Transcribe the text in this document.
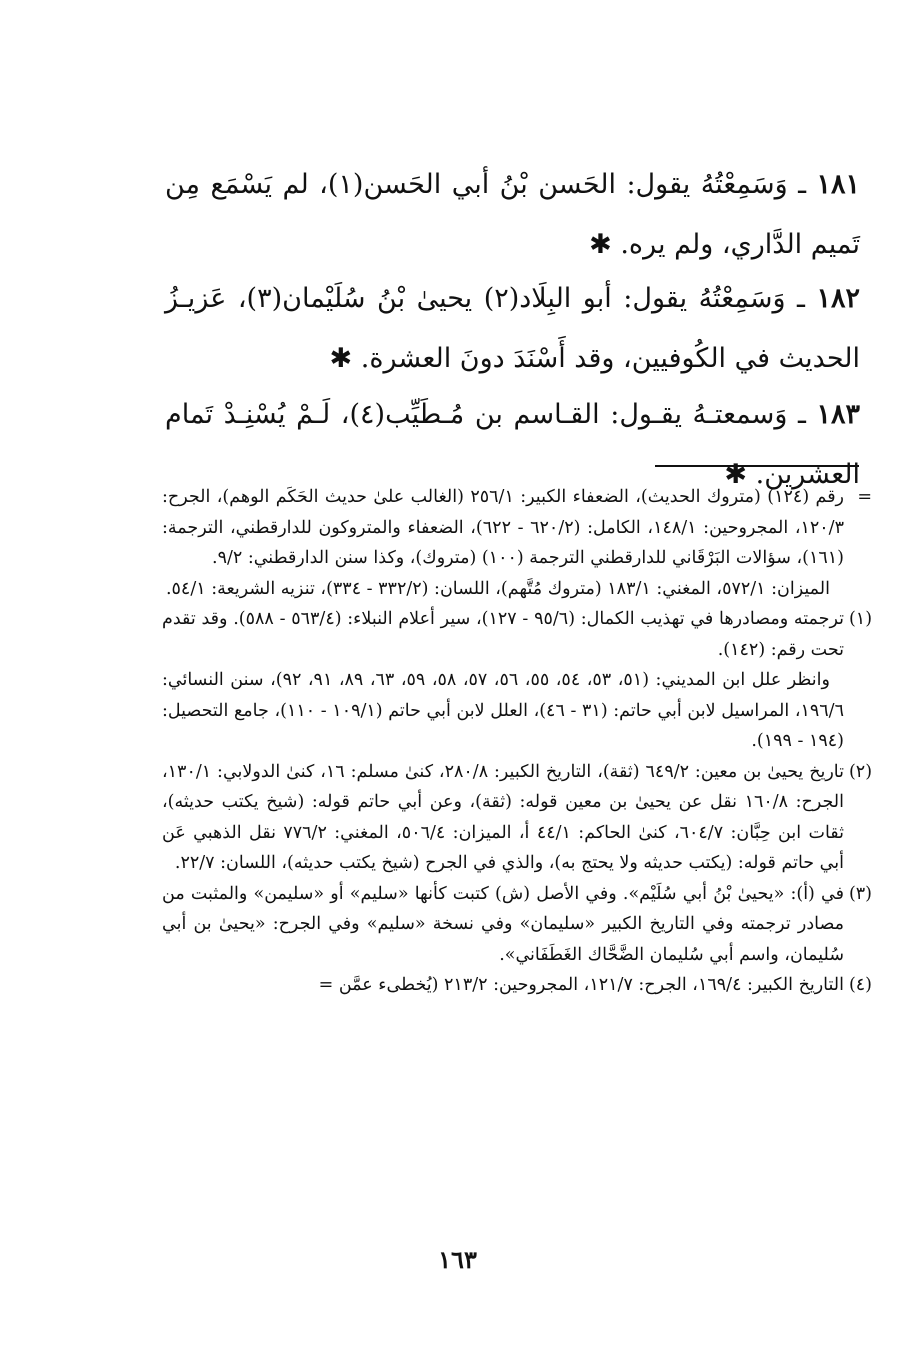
١٨١ ـ وَسَمِعْتُهُ يقول: الحَسن بْنُ أبي الحَسن(١)، لم يَسْمَع مِن تَميم الدَّاري، ولم يره. ✱

١٨٢ ـ وَسَمِعْتُهُ يقول: أبو البِلَاد(٢) يحيىٰ بْنُ سُلَيْمان(٣)، عَزيـزُ الحديث في الكُوفيين، وقد أَسْنَدَ دونَ العشرة. ✱

١٨٣ ـ وَسمعتـهُ يقـول: القـاسم بن مُـطَيِّب(٤)، لَـمْ يُسْنِـدْ تَمام العشرين. ✱

=رقم (١٢٤) (متروك الحديث)، الضعفاء الكبير: ٢٥٦/١ (الغالب علىٰ حديث الحَكَم الوهم)، الجرح: ١٢٠/٣، المجروحين: ١٤٨/١، الكامل: (٦٢٠/٢ - ٦٢٢)، الضعفاء والمتروكون للدارقطني، الترجمة: (١٦١)، سؤالات البَرْقَاني للدارقطني الترجمة (١٠٠) (متروك)، وكذا سنن الدارقطني: ٩/٢.

الميزان: ٥٧٢/١، المغني: ١٨٣/١ (متروك مُتَّهم)، اللسان: (٣٣٢/٢ - ٣٣٤)، تنزيه الشريعة: ٥٤/١.

(١)ترجمته ومصادرها في تهذيب الكمال: (٩٥/٦ - ١٢٧)، سير أعلام النبلاء: (٥٦٣/٤ - ٥٨٨). وقد تقدم تحت رقم: (١٤٢).

وانظر علل ابن المديني: (٥١، ٥٣، ٥٤، ٥٥، ٥٦، ٥٧، ٥٨، ٥٩، ٦٣، ٨٩، ٩١، ٩٢)، سنن النسائي: ١٩٦/٦، المراسيل لابن أبي حاتم: (٣١ - ٤٦)، العلل لابن أبي حاتم (١٠٩/١ - ١١٠)، جامع التحصيل: (١٩٤ - ١٩٩).

(٢)تاريخ يحيىٰ بن معين: ٦٤٩/٢ (ثقة)، التاريخ الكبير: ٢٨٠/٨، كنىٰ مسلم: ١٦، كنىٰ الدولابي: ١٣٠/١، الجرح: ١٦٠/٨ نقل عن يحيىٰ بن معين قوله: (ثقة)، وعن أبي حاتم قوله: (شيخ يكتب حديثه)، ثقات ابن حِبَّان: ٦٠٤/٧، كنىٰ الحاكم: ٤٤/١ أ، الميزان: ٥٠٦/٤، المغني: ٧٧٦/٢ نقل الذهبي عَن أبي حاتم قوله: (يكتب حديثه ولا يحتج به)، والذي في الجرح (شيخ يكتب حديثه)، اللسان: ٢٢/٧.

(٣)في (أ): «يحيىٰ بْنُ أبي سُلَيْم». وفي الأصل (ش) كتبت كأنها «سليم» أو «سليمن» والمثبت من مصادر ترجمته وفي التاريخ الكبير «سليمان» وفي نسخة «سليم» وفي الجرح: «يحيىٰ بن أبي سُليمان، واسم أبي سُليمان الضَّحَّاك الغَطَفَاني».

(٤)التاريخ الكبير: ١٦٩/٤، الجرح: ١٢١/٧، المجروحين: ٢١٣/٢ (يُخطىء عمَّن =

١٦٣
